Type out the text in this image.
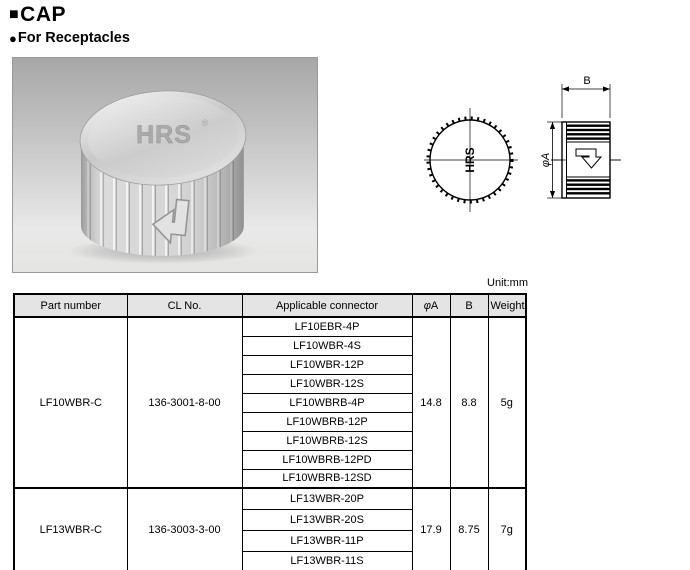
■ CAP
● For Receptacles
HRS ®
HRS
B
φA
Unit:mm
Part number	CL No.	Applicable connector	φA	B	Weight
LF10WBR-C	136-3001-8-00	LF10EBR-4P	14.8	8.8	5g
		LF10WBR-4S			
		LF10WBR-12P			
		LF10WBR-12S			
		LF10WBRB-4P			
		LF10WBRB-12P			
		LF10WBRB-12S			
		LF10WBRB-12PD			
		LF10WBRB-12SD			
LF13WBR-C	136-3003-3-00	LF13WBR-20P	17.9	8.75	7g
		LF13WBR-20S			
		LF13WBR-11P			
		LF13WBR-11S			
